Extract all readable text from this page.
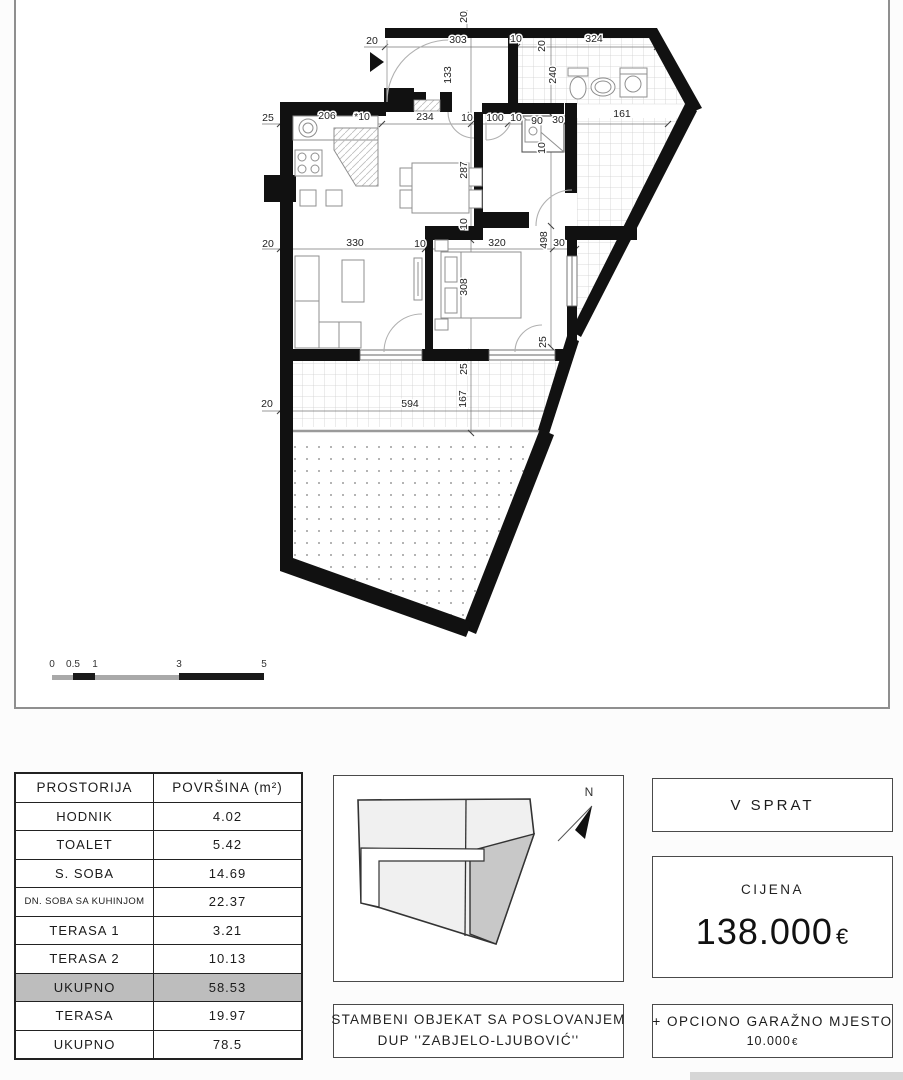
20	303	10	324
20
20
133	240
25	206 *10	234	10 100 10 90 30	161
287
10
10
20	330	10	320	498 30
308
25
25
167
20	594
0 0.5 1	3	5
PROSTORIJA	POVRŠINA (m²)
HODNIK	4.02
TOALET	5.42
S. SOBA	14.69
DN. SOBA SA KUHINJOM	22.37
TERASA 1	3.21
TERASA 2	10.13
UKUPNO	58.53
TERASA	19.97
UKUPNO	78.5
N
STAMBENI OBJEKAT SA POSLOVANJEM
DUP ''ZABJELO-LJUBOVIĆ''
V SPRAT
CIJENA
138.000 €
+ OPCIONO GARAŽNO MJESTO
10.000 €
